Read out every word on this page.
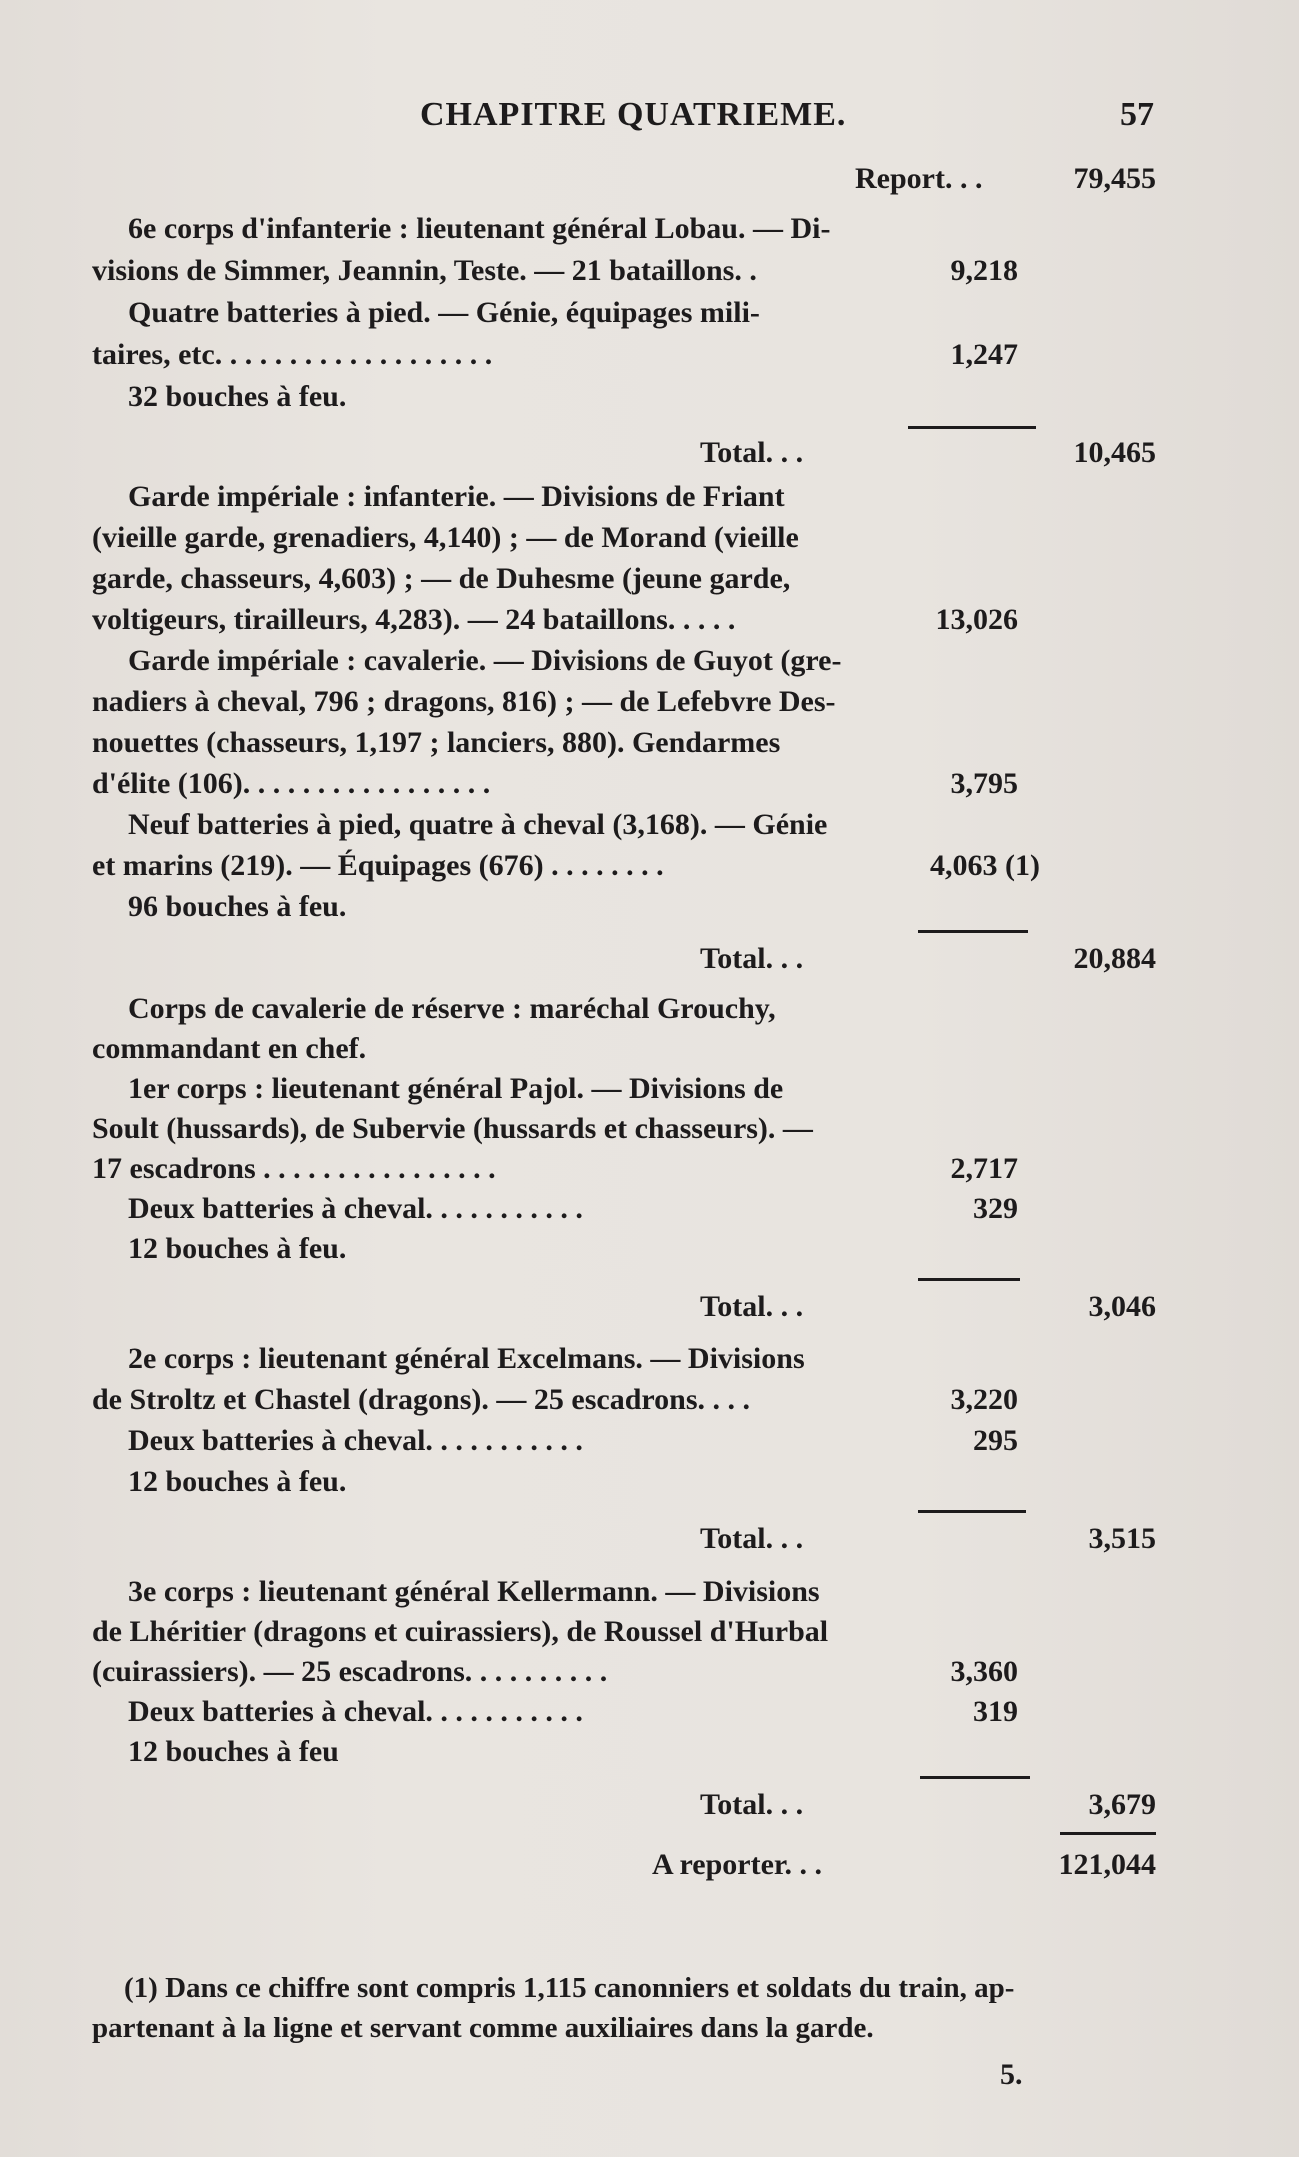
CHAPITRE QUATRIEME.	57
Report. . .	79,455
6e corps d'infanterie : lieutenant général Lobau. — Di-
visions de Simmer, Jeannin, Teste. — 21 bataillons. .	9,218
Quatre batteries à pied. — Génie, équipages mili-
taires, etc. . . . . . . . . . . . . . . . . . .	1,247
32 bouches à feu.
Total. . .	10,465
Garde impériale : infanterie. — Divisions de Friant
(vieille garde, grenadiers, 4,140) ; — de Morand (vieille
garde, chasseurs, 4,603) ; — de Duhesme (jeune garde,
voltigeurs, tirailleurs, 4,283). — 24 bataillons. . . . .	13,026
Garde impériale : cavalerie. — Divisions de Guyot (gre-
nadiers à cheval, 796 ; dragons, 816) ; — de Lefebvre Des-
nouettes (chasseurs, 1,197 ; lanciers, 880). Gendarmes
d'élite (106). . . . . . . . . . . . . . . . .	3,795
Neuf batteries à pied, quatre à cheval (3,168). — Génie
et marins (219). — Équipages (676) . . . . . . . .	4,063 (1)
96 bouches à feu.
Total. . .	20,884
Corps de cavalerie de réserve : maréchal Grouchy,
commandant en chef.
1er corps : lieutenant général Pajol. — Divisions de
Soult (hussards), de Subervie (hussards et chasseurs). —
17 escadrons . . . . . . . . . . . . . . . .	2,717
Deux batteries à cheval. . . . . . . . . . .	329
12 bouches à feu.
Total. . .	3,046
2e corps : lieutenant général Excelmans. — Divisions
de Stroltz et Chastel (dragons). — 25 escadrons. . . .	3,220
Deux batteries à cheval. . . . . . . . . . .	295
12 bouches à feu.
Total. . .	3,515
3e corps : lieutenant général Kellermann. — Divisions
de Lhéritier (dragons et cuirassiers), de Roussel d'Hurbal
(cuirassiers). — 25 escadrons. . . . . . . . . .	3,360
Deux batteries à cheval. . . . . . . . . . .	319
12 bouches à feu
Total. . .	3,679
A reporter. . .	121,044
(1) Dans ce chiffre sont compris 1,115 canonniers et soldats du train, ap-
partenant à la ligne et servant comme auxiliaires dans la garde.
5.
